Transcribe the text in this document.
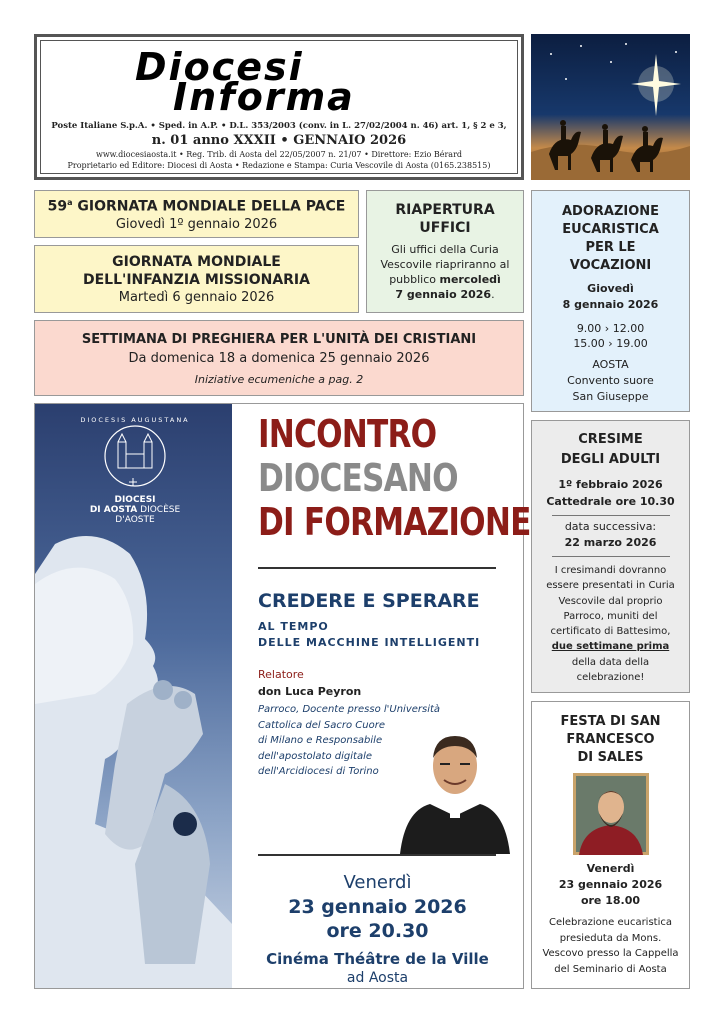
Diocesi
Informa
Poste Italiane S.p.A. • Sped. in A.P. • D.L. 353/2003 (conv. in L. 27/02/2004 n. 46) art. 1, § 2 e 3,
n. 01 anno XXXII • GENNAIO 2026
www.diocesiaosta.it • Reg. Trib. di Aosta del 22/05/2007 n. 21/07 • Direttore: Ezio Bérard
Proprietario ed Editore: Diocesi di Aosta • Redazione e Stampa: Curia Vescovile di Aosta (0165.238515)
59$^a$ GIORNATA MONDIALE DELLA PACE
Giovedì 1º gennaio 2026
GIORNATA MONDIALE
DELL'INFANZIA MISSIONARIA
Martedì 6 gennaio 2026
RIAPERTURA
UFFICI
Gli uffici della Curia
Vescovile riapriranno al
pubblico mercoledì
7 gennaio 2026.
ADORAZIONE
EUCARISTICA
PER LE
VOCAZIONI
Giovedì
8 gennaio 2026
9.00 › 12.00
15.00 › 19.00
AOSTA
Convento suore
San Giuseppe
SETTIMANA DI PREGHIERA PER L'UNITÀ DEI CRISTIANI
Da domenica 18 a domenica 25 gennaio 2026
Iniziative ecumeniche a pag. 2
DIOCESIS AUGUSTANA
DIOCESI
DI AOSTA DIOCÈSE
D'AOSTE
INCONTRO
DIOCESANO
DI FORMAZIONE
CREDERE E SPERARE
AL TEMPO
DELLE MACCHINE INTELLIGENTI
Relatore
don Luca Peyron
Parroco, Docente presso l'Università
Cattolica del Sacro Cuore
di Milano e Responsabile
dell'apostolato digitale
dell'Arcidiocesi di Torino
Venerdì
23 gennaio 2026
ore 20.30
Cinéma Théâtre de la Ville
ad Aosta
CRESIME
DEGLI ADULTI
1º febbraio 2026
Cattedrale ore 10.30
data successiva:
22 marzo 2026
I cresimandi dovranno
essere presentati in Curia
Vescovile dal proprio
Parroco, muniti del
certificato di Battesimo,
due settimane prima
della data della
celebrazione!
FESTA DI SAN
FRANCESCO
DI SALES
Venerdì
23 gennaio 2026
ore 18.00
Celebrazione eucaristica
presieduta da Mons.
Vescovo presso la Cappella
del Seminario di Aosta
